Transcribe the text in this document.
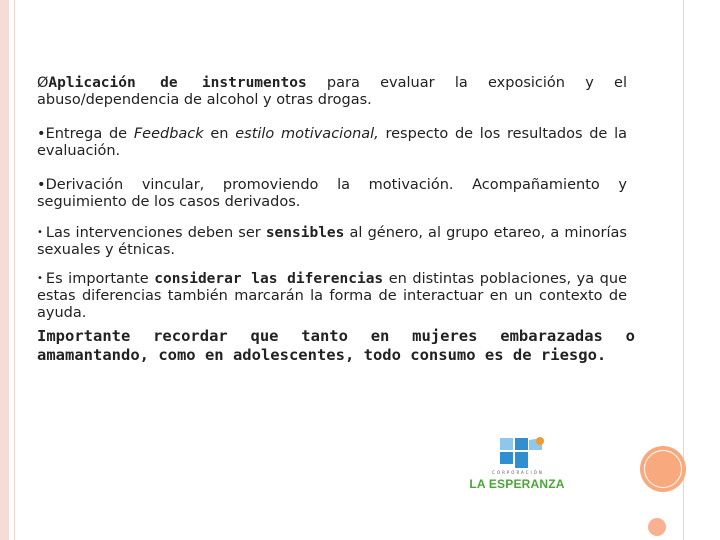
ØAplicación de instrumentos para evaluar la exposición y el abuso/dependencia de alcohol y otras drogas.

•Entrega de Feedback en estilo motivacional, respecto de los resultados de la evaluación.

•Derivación vincular, promoviendo la motivación. Acompañamiento y seguimiento de los casos derivados.

• Las intervenciones deben ser sensibles al género, al grupo etareo, a minorías sexuales y étnicas.

• Es importante considerar las diferencias en distintas poblaciones, ya que estas diferencias también marcarán la forma de interactuar en un contexto de ayuda.

Importante recordar que tanto en mujeres embarazadas o amamantando, como en adolescentes, todo consumo es de riesgo.

CORPORACIÓN
LA ESPERANZA
